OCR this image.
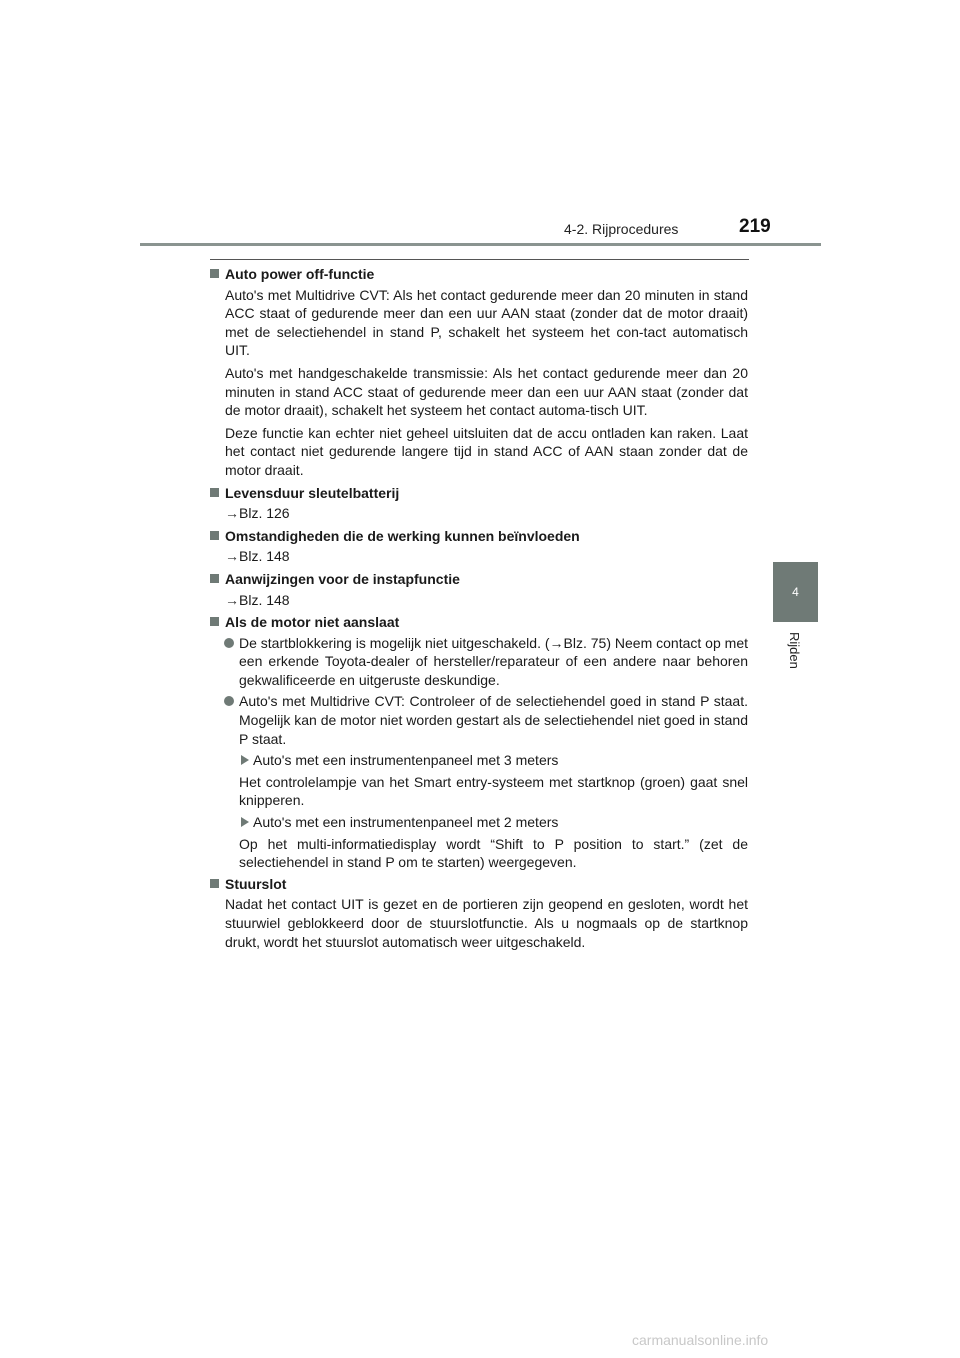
4-2. Rijprocedures	219
4
Rijden
Auto power off-functie

Auto's met Multidrive CVT: Als het contact gedurende meer dan 20 minuten in stand ACC staat of gedurende meer dan een uur AAN staat (zonder dat de motor draait) met de selectiehendel in stand P, schakelt het systeem het con-tact automatisch UIT.

Auto's met handgeschakelde transmissie: Als het contact gedurende meer dan 20 minuten in stand ACC staat of gedurende meer dan een uur AAN staat (zonder dat de motor draait), schakelt het systeem het contact automa-tisch UIT.

Deze functie kan echter niet geheel uitsluiten dat de accu ontladen kan raken. Laat het contact niet gedurende langere tijd in stand ACC of AAN staan zonder dat de motor draait.

Levensduur sleutelbatterij

→Blz. 126

Omstandigheden die de werking kunnen beïnvloeden

→Blz. 148

Aanwijzingen voor de instapfunctie

→Blz. 148

Als de motor niet aanslaat
De startblokkering is mogelijk niet uitgeschakeld. (→Blz. 75) Neem contact op met een erkende Toyota-dealer of hersteller/reparateur of een andere naar behoren gekwalificeerde en uitgeruste deskundige.
Auto's met Multidrive CVT: Controleer of de selectiehendel goed in stand P staat. Mogelijk kan de motor niet worden gestart als de selectiehendel niet goed in stand P staat.
Auto's met een instrumentenpaneel met 3 meters

Het controlelampje van het Smart entry-systeem met startknop (groen) gaat snel knipperen.

Auto's met een instrumentenpaneel met 2 meters

Op het multi-informatiedisplay wordt “Shift to P position to start.” (zet de selectiehendel in stand P om te starten) weergegeven.

Stuurslot

Nadat het contact UIT is gezet en de portieren zijn geopend en gesloten, wordt het stuurwiel geblokkeerd door de stuurslotfunctie. Als u nogmaals op de startknop drukt, wordt het stuurslot automatisch weer uitgeschakeld.

carmanualsonline.info
